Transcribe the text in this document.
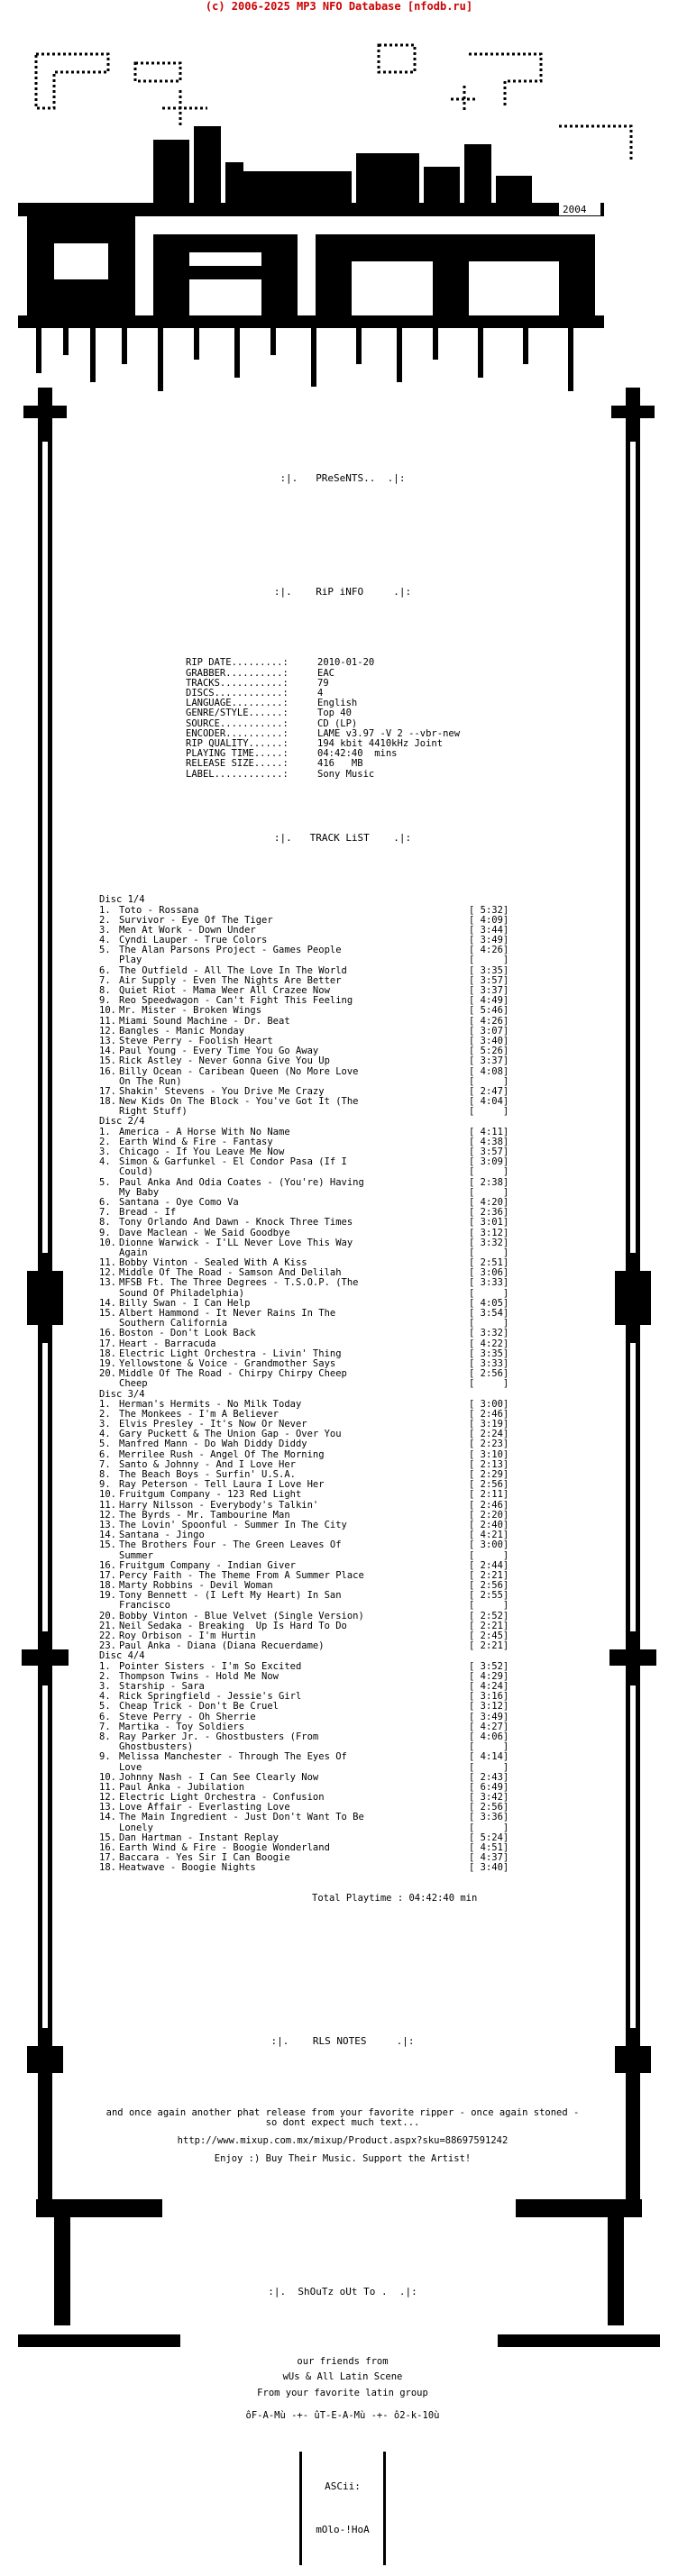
(c) 2006-2025 MP3 NFO Database [nfodb.ru]
2004

:|.   PReSeNTS..  .|:

:|.    RiP iNFO     .|:

RIP DATE.........:	2010-01-20
GRABBER..........:	EAC
TRACKS...........:	79
DISCS............:	4
LANGUAGE.........:	English
GENRE/STYLE......:	Top 40
SOURCE...........:	CD (LP)
ENCODER..........:	LAME v3.97 -V 2 --vbr-new
RIP QUALITY......:	194 kbit 4410kHz Joint
PLAYING TIME.....:	04:42:40  mins
RELEASE SIZE.....:	416   MB
LABEL............:	Sony Music

:|.   TRACK LiST    .|:

Disc 1/4
1. Toto - Rossana	[ 5:32]
2. Survivor - Eye Of The Tiger	[ 4:09]
3. Men At Work - Down Under	[ 3:44]
4. Cyndi Lauper - True Colors	[ 3:49]
5. The Alan Parsons Project - Games People	[ 4:26]
Play	[     ]
6. The Outfield - All The Love In The World	[ 3:35]
7. Air Supply - Even The Nights Are Better	[ 3:57]
8. Quiet Riot - Mama Weer All Crazee Now	[ 3:37]
9. Reo Speedwagon - Can't Fight This Feeling	[ 4:49]
10. Mr. Mister - Broken Wings	[ 5:46]
11. Miami Sound Machine - Dr. Beat	[ 4:26]
12. Bangles - Manic Monday	[ 3:07]
13. Steve Perry - Foolish Heart	[ 3:40]
14. Paul Young - Every Time You Go Away	[ 5:26]
15. Rick Astley - Never Gonna Give You Up	[ 3:37]
16. Billy Ocean - Caribean Queen (No More Love	[ 4:08]
On The Run)	[     ]
17. Shakin' Stevens - You Drive Me Crazy	[ 2:47]
18. New Kids On The Block - You've Got It (The	[ 4:04]
Right Stuff)	[     ]
Disc 2/4
1. America - A Horse With No Name	[ 4:11]
2. Earth Wind & Fire - Fantasy	[ 4:38]
3. Chicago - If You Leave Me Now	[ 3:57]
4. Simon & Garfunkel - El Condor Pasa (If I	[ 3:09]
Could)	[     ]
5. Paul Anka And Odia Coates - (You're) Having	[ 2:38]
My Baby	[     ]
6. Santana - Oye Como Va	[ 4:20]
7. Bread - If	[ 2:36]
8. Tony Orlando And Dawn - Knock Three Times	[ 3:01]
9. Dave Maclean - We Said Goodbye	[ 3:12]
10. Dionne Warwick - I'LL Never Love This Way	[ 3:32]
Again	[     ]
11. Bobby Vinton - Sealed With A Kiss	[ 2:51]
12. Middle Of The Road - Samson And Delilah	[ 3:06]
13. MFSB Ft. The Three Degrees - T.S.O.P. (The	[ 3:33]
Sound Of Philadelphia)	[     ]
14. Billy Swan - I Can Help	[ 4:05]
15. Albert Hammond - It Never Rains In The	[ 3:54]
Southern California	[     ]
16. Boston - Don't Look Back	[ 3:32]
17. Heart - Barracuda	[ 4:22]
18. Electric Light Orchestra - Livin' Thing	[ 3:35]
19. Yellowstone & Voice - Grandmother Says	[ 3:33]
20. Middle Of The Road - Chirpy Chirpy Cheep	[ 2:56]
Cheep	[     ]
Disc 3/4
1. Herman's Hermits - No Milk Today	[ 3:00]
2. The Monkees - I'm A Believer	[ 2:46]
3. Elvis Presley - It's Now Or Never	[ 3:19]
4. Gary Puckett & The Union Gap - Over You	[ 2:24]
5. Manfred Mann - Do Wah Diddy Diddy	[ 2:23]
6. Merrilee Rush - Angel Of The Morning	[ 3:10]
7. Santo & Johnny - And I Love Her	[ 2:13]
8. The Beach Boys - Surfin' U.S.A.	[ 2:29]
9. Ray Peterson - Tell Laura I Love Her	[ 2:56]
10. Fruitgum Company - 123 Red Light	[ 2:11]
11. Harry Nilsson - Everybody's Talkin'	[ 2:46]
12. The Byrds - Mr. Tambourine Man	[ 2:20]
13. The Lovin' Spoonful - Summer In The City	[ 2:40]
14. Santana - Jingo	[ 4:21]
15. The Brothers Four - The Green Leaves Of	[ 3:00]
Summer	[     ]
16. Fruitgum Company - Indian Giver	[ 2:44]
17. Percy Faith - The Theme From A Summer Place	[ 2:21]
18. Marty Robbins - Devil Woman	[ 2:56]
19. Tony Bennett - (I Left My Heart) In San	[ 2:55]
Francisco	[     ]
20. Bobby Vinton - Blue Velvet (Single Version)	[ 2:52]
21. Neil Sedaka - Breaking  Up Is Hard To Do	[ 2:21]
22. Roy Orbison - I'm Hurtin	[ 2:45]
23. Paul Anka - Diana (Diana Recuerdame)	[ 2:21]
Disc 4/4
1. Pointer Sisters - I'm So Excited	[ 3:52]
2. Thompson Twins - Hold Me Now	[ 4:29]
3. Starship - Sara	[ 4:24]
4. Rick Springfield - Jessie's Girl	[ 3:16]
5. Cheap Trick - Don't Be Cruel	[ 3:12]
6. Steve Perry - Oh Sherrie	[ 3:49]
7. Martika - Toy Soldiers	[ 4:27]
8. Ray Parker Jr. - Ghostbusters (From	[ 4:06]
Ghostbusters)	[     ]
9. Melissa Manchester - Through The Eyes Of	[ 4:14]
Love	[     ]
10. Johnny Nash - I Can See Clearly Now	[ 2:43]
11. Paul Anka - Jubilation	[ 6:49]
12. Electric Light Orchestra - Confusion	[ 3:42]
13. Love Affair - Everlasting Love	[ 2:56]
14. The Main Ingredient - Just Don't Want To Be	[ 3:36]
Lonely	[     ]
15. Dan Hartman - Instant Replay	[ 5:24]
16. Earth Wind & Fire - Boogie Wonderland	[ 4:51]
17. Baccara - Yes Sir I Can Boogie	[ 4:37]
18. Heatwave - Boogie Nights	[ 3:40]

Total Playtime : 04:42:40 min

:|.    RLS NOTES     .|:

and once again another phat release from your favorite ripper - once again stoned - so dont expect much text...

http://www.mixup.com.mx/mixup/Product.aspx?sku=88697591242

Enjoy :) Buy Their Music. Support the Artist!

:|.  ShOuTz oUt To .  .|:

our friends from

wUs & All Latin Scene

From your favorite latin group

ôF-A-Mù -+- ûT-E-A-Mù -+- ô2-k-10ù

ASCii:

mOlo-!HoA
